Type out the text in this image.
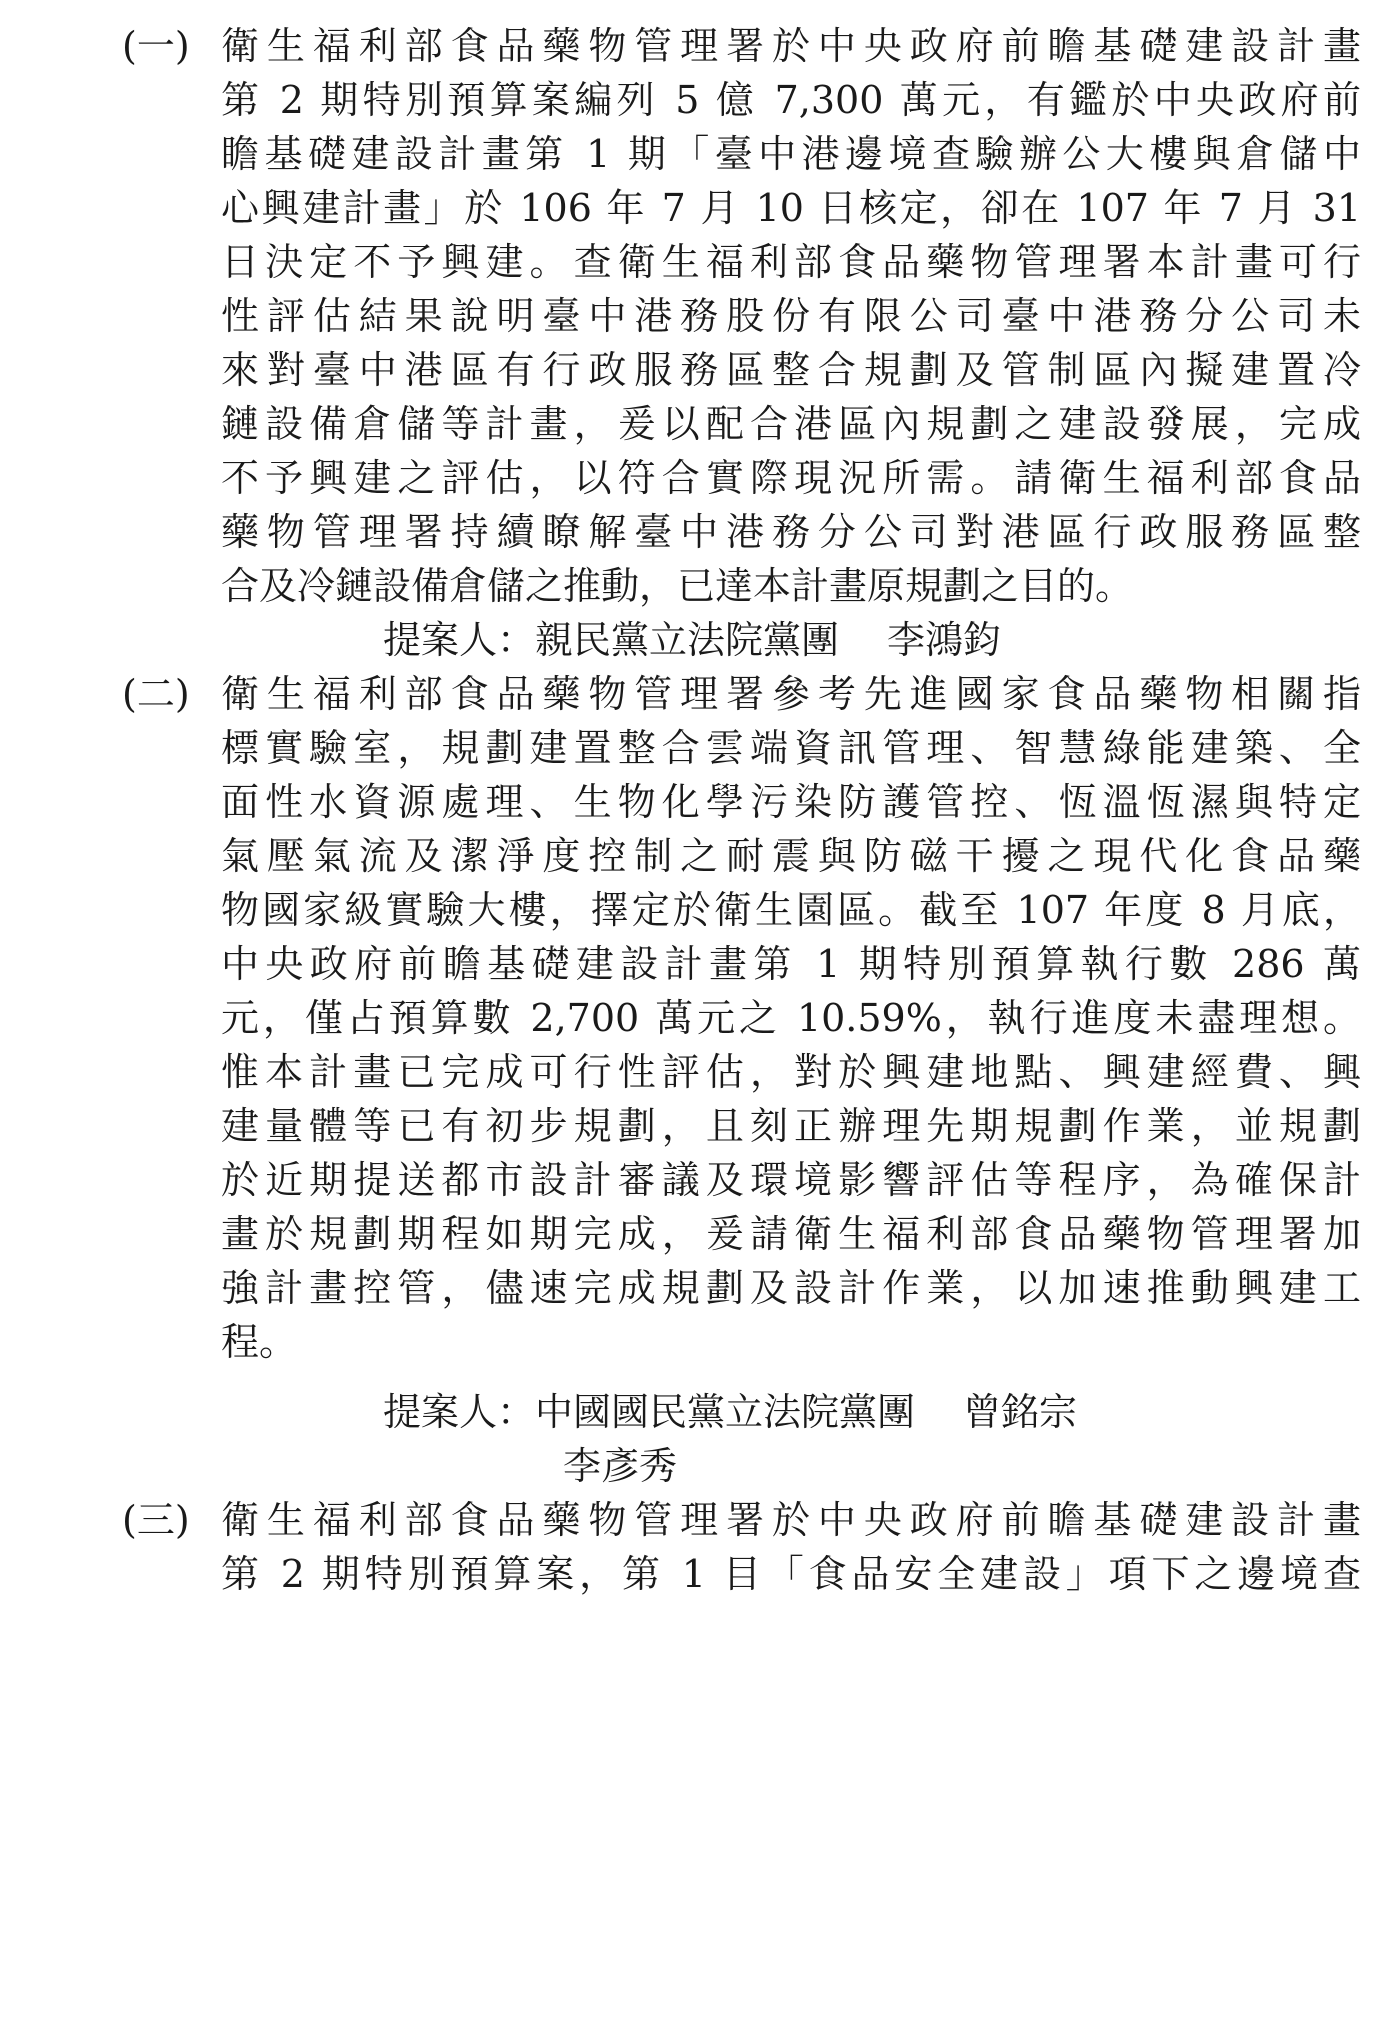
(一) 衛生福利部食品藥物管理署於中央政府前瞻基礎建設計畫
第 2 期特別預算案編列 5 億 7,300 萬元，有鑑於中央政府前
瞻基礎建設計畫第 1 期「臺中港邊境查驗辦公大樓與倉儲中
心興建計畫」於 106 年 7 月 10 日核定，卻在 107 年 7 月 31
日決定不予興建。查衛生福利部食品藥物管理署本計畫可行
性評估結果說明臺中港務股份有限公司臺中港務分公司未
來對臺中港區有行政服務區整合規劃及管制區內擬建置冷
鏈設備倉儲等計畫，爰以配合港區內規劃之建設發展，完成
不予興建之評估，以符合實際現況所需。請衛生福利部食品
藥物管理署持續瞭解臺中港務分公司對港區行政服務區整
合及冷鏈設備倉儲之推動，已達本計畫原規劃之目的。
提案人：親民黨立法院黨團 李鴻鈞
(二) 衛生福利部食品藥物管理署參考先進國家食品藥物相關指
標實驗室，規劃建置整合雲端資訊管理、智慧綠能建築、全
面性水資源處理、生物化學污染防護管控、恆溫恆濕與特定
氣壓氣流及潔淨度控制之耐震與防磁干擾之現代化食品藥
物國家級實驗大樓，擇定於衛生園區。截至 107 年度 8 月底，
中央政府前瞻基礎建設計畫第 1 期特別預算執行數 286 萬
元，僅占預算數 2,700 萬元之 10.59%，執行進度未盡理想。
惟本計畫已完成可行性評估，對於興建地點、興建經費、興
建量體等已有初步規劃，且刻正辦理先期規劃作業，並規劃
於近期提送都市設計審議及環境影響評估等程序，為確保計
畫於規劃期程如期完成，爰請衛生福利部食品藥物管理署加
強計畫控管，儘速完成規劃及設計作業，以加速推動興建工
程。
提案人：中國國民黨立法院黨團 曾銘宗
李彥秀
(三) 衛生福利部食品藥物管理署於中央政府前瞻基礎建設計畫
第 2 期特別預算案，第 1 目「食品安全建設」項下之邊境查
